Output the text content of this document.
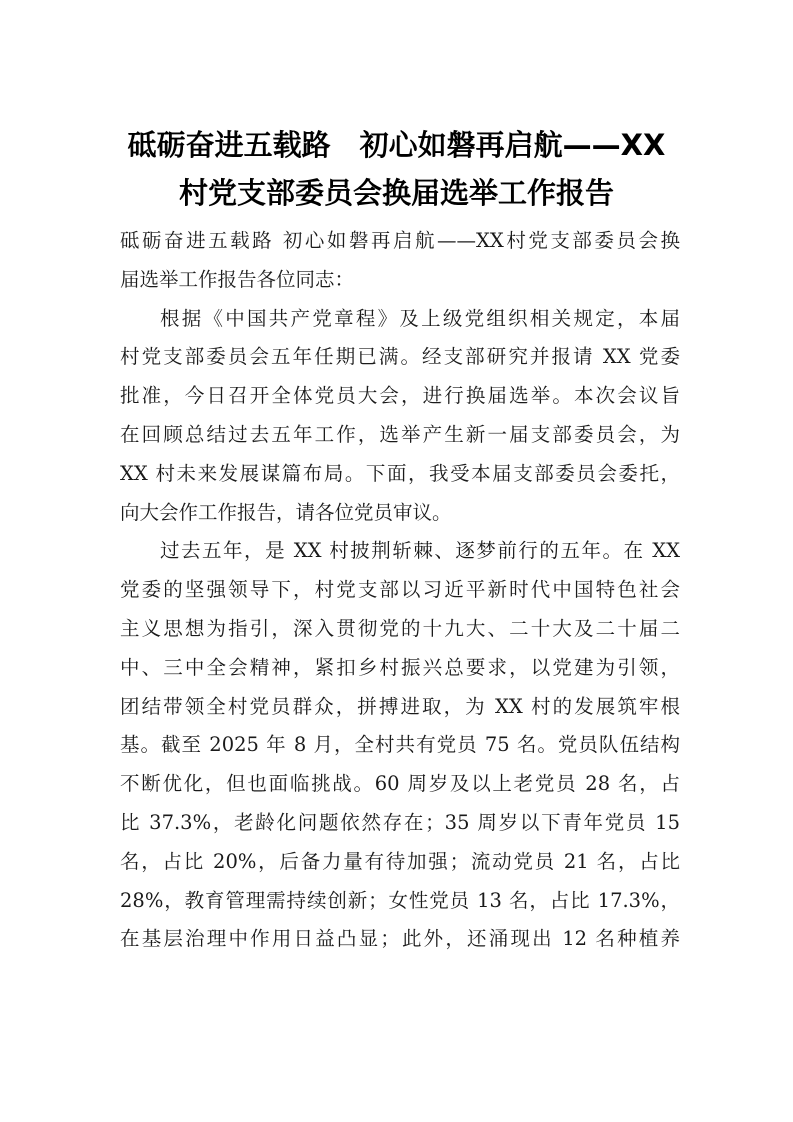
砥砺奋进五载路　初心如磐再启航——XX
村党支部委员会换届选举工作报告
砥砺奋进五载路 初心如磐再启航——XX村党支部委员会换
届选举工作报告各位同志：
根据《中国共产党章程》及上级党组织相关规定，本届
村党支部委员会五年任期已满。经支部研究并报请 XX 党委
批准，今日召开全体党员大会，进行换届选举。本次会议旨
在回顾总结过去五年工作，选举产生新一届支部委员会，为
XX 村未来发展谋篇布局。下面，我受本届支部委员会委托，
向大会作工作报告，请各位党员审议。
过去五年，是 XX 村披荆斩棘、逐梦前行的五年。在 XX
党委的坚强领导下，村党支部以习近平新时代中国特色社会
主义思想为指引，深入贯彻党的十九大、二十大及二十届二
中、三中全会精神，紧扣乡村振兴总要求，以党建为引领，
团结带领全村党员群众，拼搏进取，为 XX 村的发展筑牢根
基。截至 2025 年 8 月，全村共有党员 75 名。党员队伍结构
不断优化，但也面临挑战。60 周岁及以上老党员 28 名，占
比 37.3%，老龄化问题依然存在；35 周岁以下青年党员 15
名，占比 20%，后备力量有待加强；流动党员 21 名，占比
28%，教育管理需持续创新；女性党员 13 名，占比 17.3%，
在基层治理中作用日益凸显；此外，还涌现出 12 名种植养
